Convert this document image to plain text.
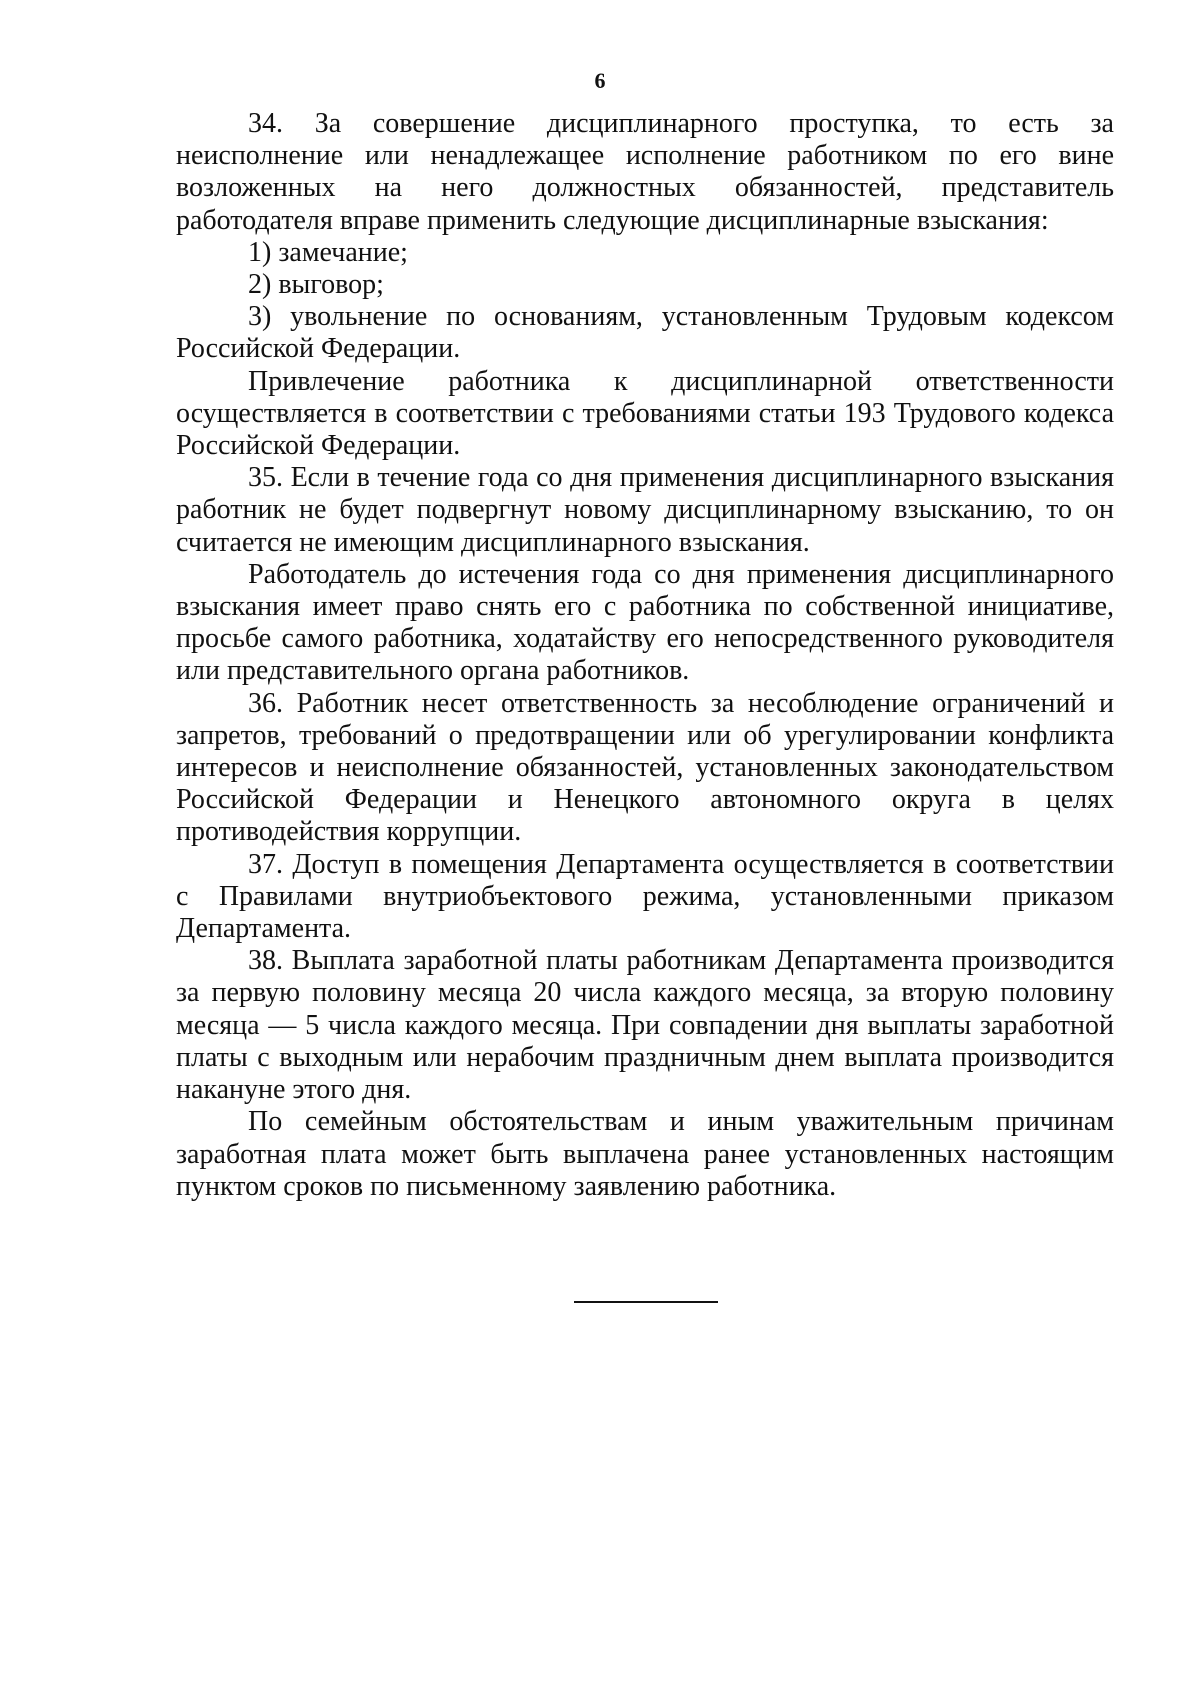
6

34. За совершение дисциплинарного проступка, то есть за неисполнение или ненадлежащее исполнение работником по его вине возложенных на него должностных обязанностей, представитель работодателя вправе применить следующие дисциплинарные взыскания:

1) замечание;

2) выговор;

3) увольнение по основаниям, установленным Трудовым кодексом Российской Федерации.

Привлечение работника к дисциплинарной ответственности осуществляется в соответствии с требованиями статьи 193 Трудового кодекса Российской Федерации.

35. Если в течение года со дня применения дисциплинарного взыскания работник не будет подвергнут новому дисциплинарному взысканию, то он считается не имеющим дисциплинарного взыскания.

Работодатель до истечения года со дня применения дисциплинарного взыскания имеет право снять его с работника по собственной инициативе, просьбе самого работника, ходатайству его непосредственного руководителя или представительного органа работников.

36. Работник несет ответственность за несоблюдение ограничений и запретов, требований о предотвращении или об урегулировании конфликта интересов и неисполнение обязанностей, установленных законодательством Российской Федерации и Ненецкого автономного округа в целях противодействия коррупции.

37. Доступ в помещения Департамента осуществляется в соответствии с Правилами внутриобъектового режима, установленными приказом Департамента.

38. Выплата заработной платы работникам Департамента производится за первую половину месяца 20 числа каждого месяца, за вторую половину месяца — 5 числа каждого месяца. При совпадении дня выплаты заработной платы с выходным или нерабочим праздничным днем выплата производится накануне этого дня.

По семейным обстоятельствам и иным уважительным причинам заработная плата может быть выплачена ранее установленных настоящим пунктом сроков по письменному заявлению работника.
